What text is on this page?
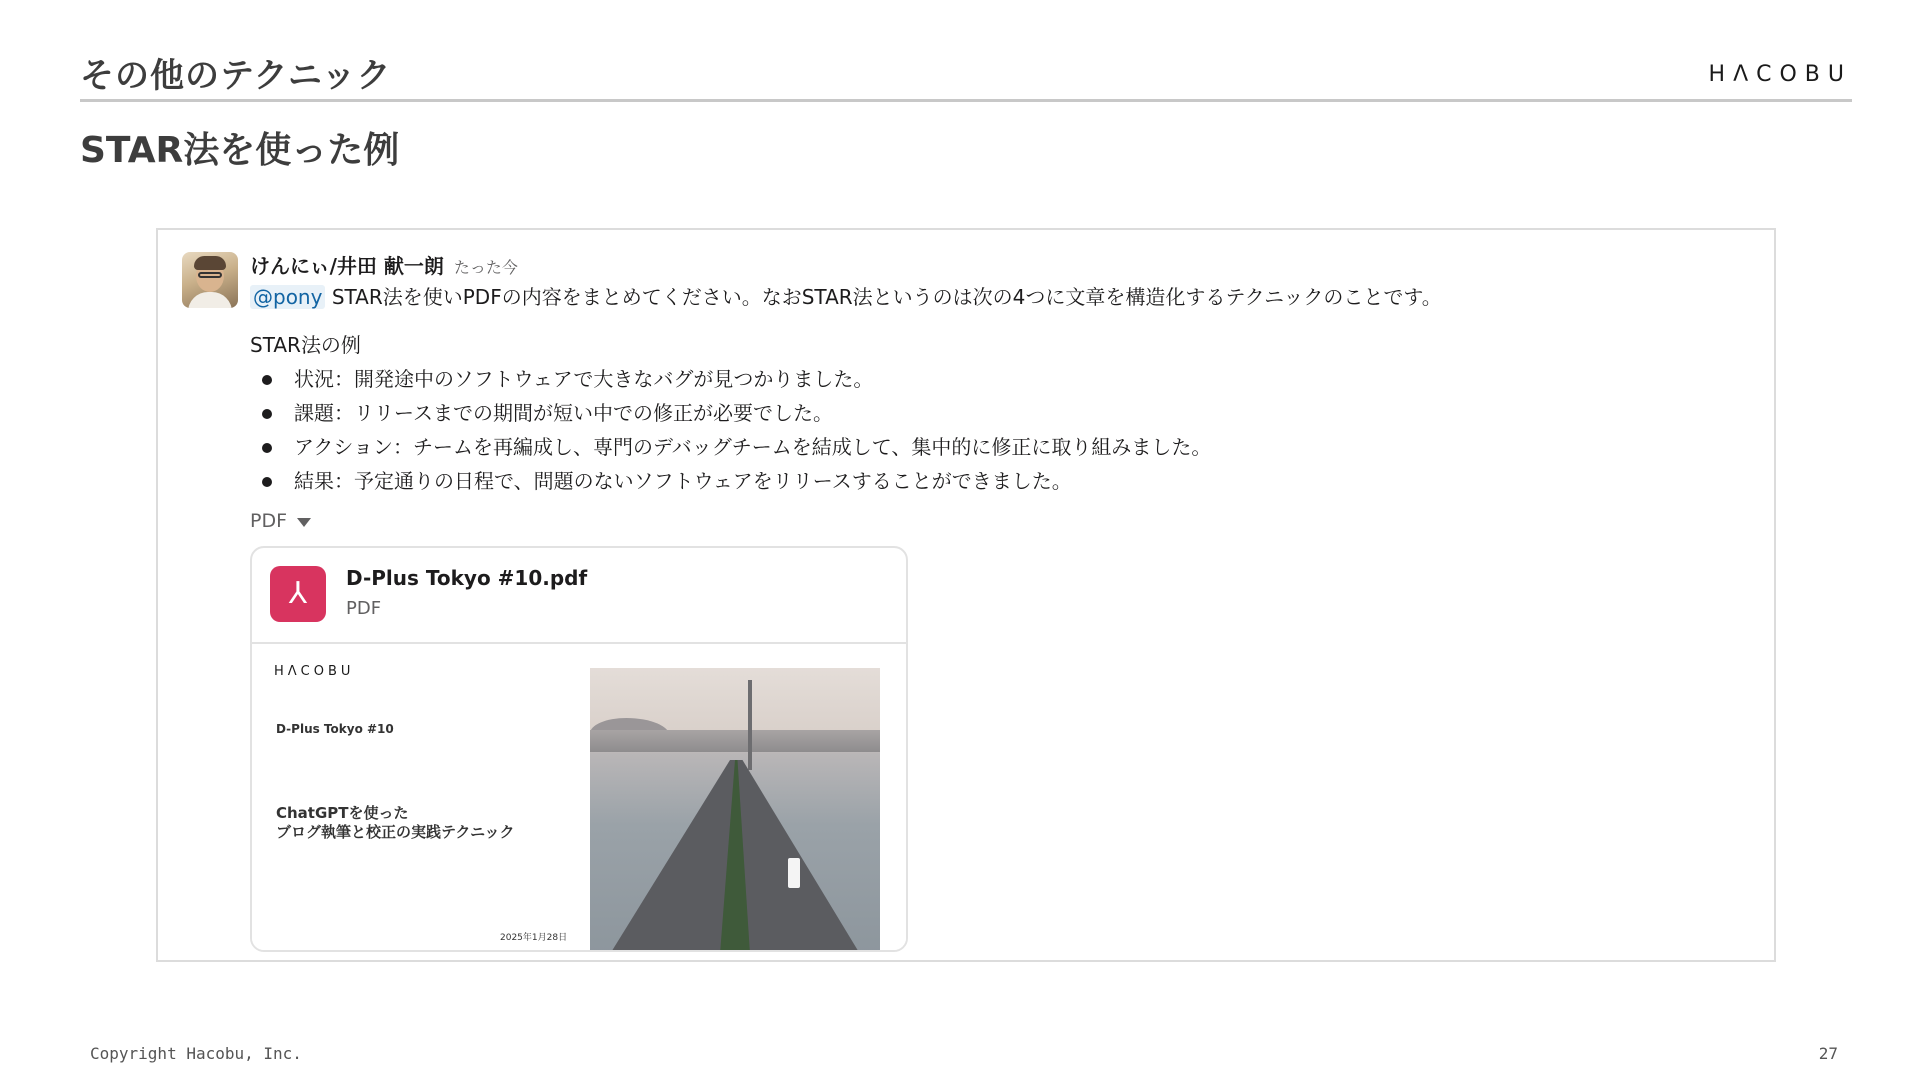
その他のテクニック	HΛCOBU
STAR法を使った例
けんにぃ/井田 献一朗 たった今
@pony STAR法を使いPDFの内容をまとめてください。なおSTAR法というのは次の4つに文章を構造化するテクニックのことです。
STAR法の例
状況：開発途中のソフトウェアで大きなバグが見つかりました。
課題：リリースまでの期間が短い中での修正が必要でした。
アクション：チームを再編成し、専門のデバッグチームを結成して、集中的に修正に取り組みました。
結果：予定通りの日程で、問題のないソフトウェアをリリースすることができました。
PDF
⅄	D-Plus Tokyo #10.pdf
PDF
HΛCOBU
D-Plus Tokyo #10
ChatGPTを使った
ブログ執筆と校正の実践テクニック
2025年1月28日
Copyright Hacobu, Inc.	27
